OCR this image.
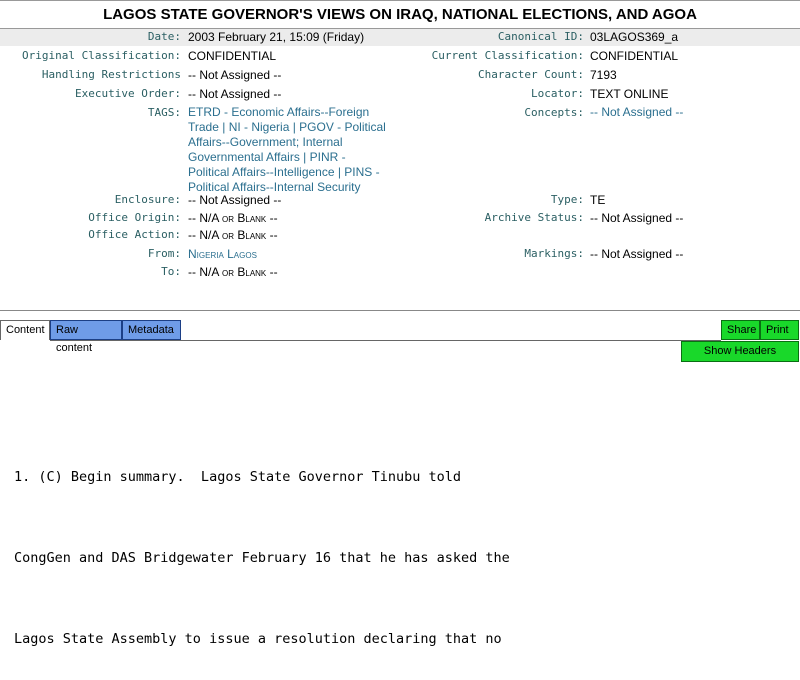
LAGOS STATE GOVERNOR'S VIEWS ON IRAQ, NATIONAL ELECTIONS, AND AGOA
Date: 2003 February 21, 15:09 (Friday)	Canonical ID: 03LAGOS369_a
Original Classification: CONFIDENTIAL	Current Classification: CONFIDENTIAL
Handling Restrictions -- Not Assigned --	Character Count: 7193
Executive Order: -- Not Assigned --	Locator: TEXT ONLINE
TAGS: ETRD - Economic Affairs--Foreign
Trade | NI - Nigeria | PGOV - Political
Affairs--Government; Internal
Governmental Affairs | PINR -
Political Affairs--Intelligence | PINS -
Political Affairs--Internal Security
Concepts: -- Not Assigned --
Enclosure: -- Not Assigned --	Type: TE
Office Origin: -- N/A or Blank --	Archive Status: -- Not Assigned --
Office Action: -- N/A or Blank --
From: Nigeria Lagos	Markings: -- Not Assigned --
To: -- N/A or Blank --
Content	Raw content
Metadata	Share Print
Show Headers

1. (C) Begin summary.  Lagos State Governor Tinubu told

CongGen and DAS Bridgewater February 16 that he has asked the

Lagos State Assembly to issue a resolution declaring that no
